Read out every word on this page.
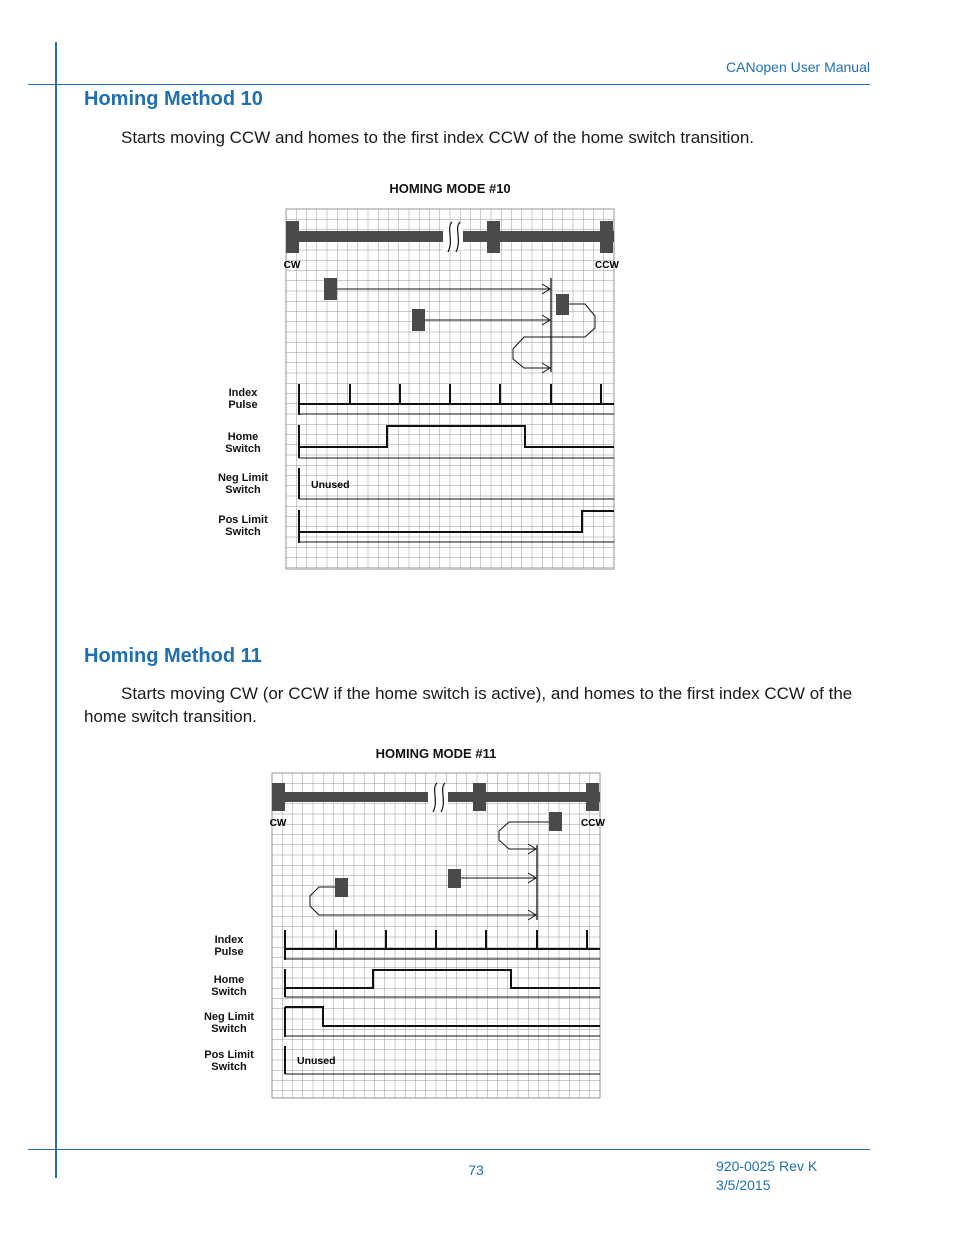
CANopen User Manual
Homing Method 10
Starts moving CCW and homes to the first index CCW of the home switch transition.
HOMING MODE #10
CW	CCW
Unused
Index
Pulse
Home
Switch
Neg Limit
Switch
Pos Limit
Switch
Homing Method 11
Starts moving CW (or CCW if the home switch is active), and homes to the first index CCW of the home switch transition.
HOMING MODE #11
CW	CCW
Unused
Index
Pulse
Home
Switch
Neg Limit
Switch
Pos Limit
Switch
73	920-0025 Rev K
3/5/2015
